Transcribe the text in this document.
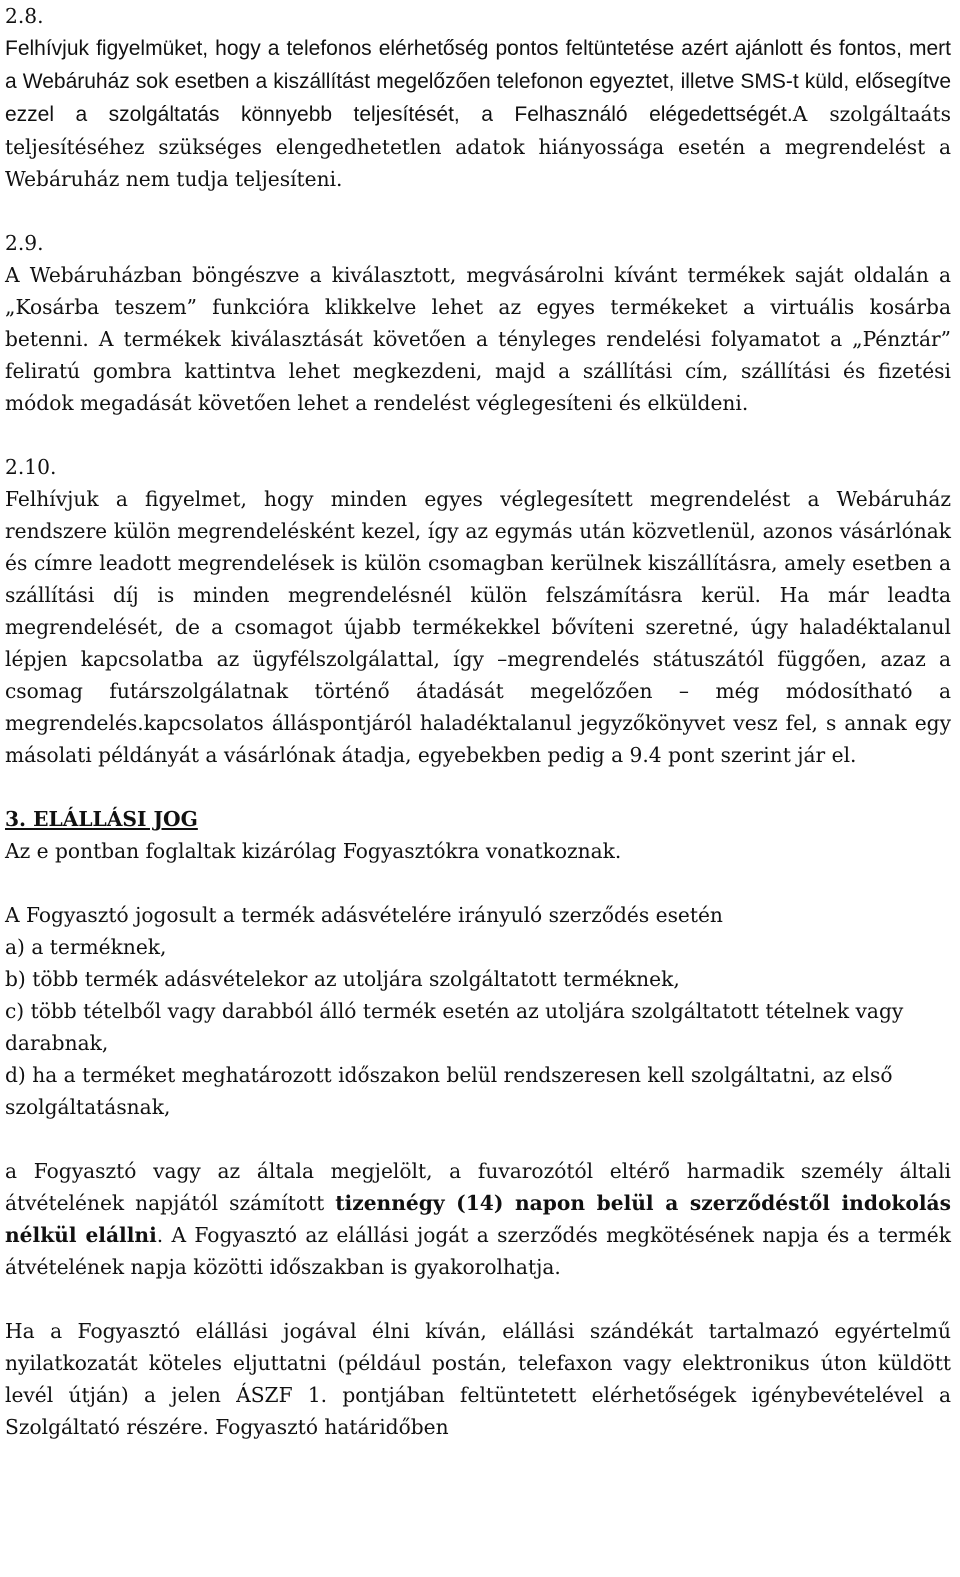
2.8.

Felhívjuk figyelmüket, hogy a telefonos elérhetőség pontos feltüntetése azért ajánlott és fontos, mert a Webáruház sok esetben a kiszállítást megelőzően telefonon egyeztet, illetve SMS-t küld, elősegítve ezzel a szolgáltatás könnyebb teljesítését, a Felhasználó elégedettségét.A szolgáltaáts teljesítéséhez szükséges elengedhetetlen adatok hiányossága esetén a megrendelést a Webáruház nem tudja teljesíteni.

2.9.

A Webáruházban böngészve a kiválasztott, megvásárolni kívánt termékek saját oldalán a „Kosárba teszem” funkcióra klikkelve lehet az egyes termékeket a virtuális kosárba betenni. A termékek kiválasztását követően a tényleges rendelési folyamatot a „Pénztár” feliratú gombra kattintva lehet megkezdeni, majd a szállítási cím, szállítási és fizetési módok megadását követően lehet a rendelést véglegesíteni és elküldeni.

2.10.

Felhívjuk a figyelmet, hogy minden egyes véglegesített megrendelést a Webáruház rendszere külön megrendelésként kezel, így az egymás után közvetlenül, azonos vásárlónak és címre leadott megrendelések is külön csomagban kerülnek kiszállításra, amely esetben a szállítási díj is minden megrendelésnél külön felszámításra kerül. Ha már leadta megrendelését, de a csomagot újabb termékekkel bővíteni szeretné, úgy haladéktalanul lépjen kapcsolatba az ügyfélszolgálattal, így –megrendelés státuszától függően, azaz a csomag futárszolgálatnak történő átadását megelőzően – még módosítható a megrendelés.kapcsolatos álláspontjáról haladéktalanul jegyzőkönyvet vesz fel, s annak egy másolati példányát a vásárlónak átadja, egyebekben pedig a 9.4 pont szerint jár el.

3. ELÁLLÁSI JOG

Az e pontban foglaltak kizárólag Fogyasztókra vonatkoznak.

A Fogyasztó jogosult a termék adásvételére irányuló szerződés esetén

a) a terméknek,

b) több termék adásvételekor az utoljára szolgáltatott terméknek,

c) több tételből vagy darabból álló termék esetén az utoljára szolgáltatott tételnek vagy darabnak,

d) ha a terméket meghatározott időszakon belül rendszeresen kell szolgáltatni, az első szolgáltatásnak,

a Fogyasztó vagy az általa megjelölt, a fuvarozótól eltérő harmadik személy általi átvételének napjától számított tizennégy (14) napon belül a szerződéstől indokolás nélkül elállni. A Fogyasztó az elállási jogát a szerződés megkötésének napja és a termék átvételének napja közötti időszakban is gyakorolhatja.

Ha a Fogyasztó elállási jogával élni kíván, elállási szándékát tartalmazó egyértelmű nyilatkozatát köteles eljuttatni (például postán, telefaxon vagy elektronikus úton küldött levél útján) a jelen ÁSZF 1. pontjában feltüntetett elérhetőségek igénybevételével a Szolgáltató részére. Fogyasztó határidőben
